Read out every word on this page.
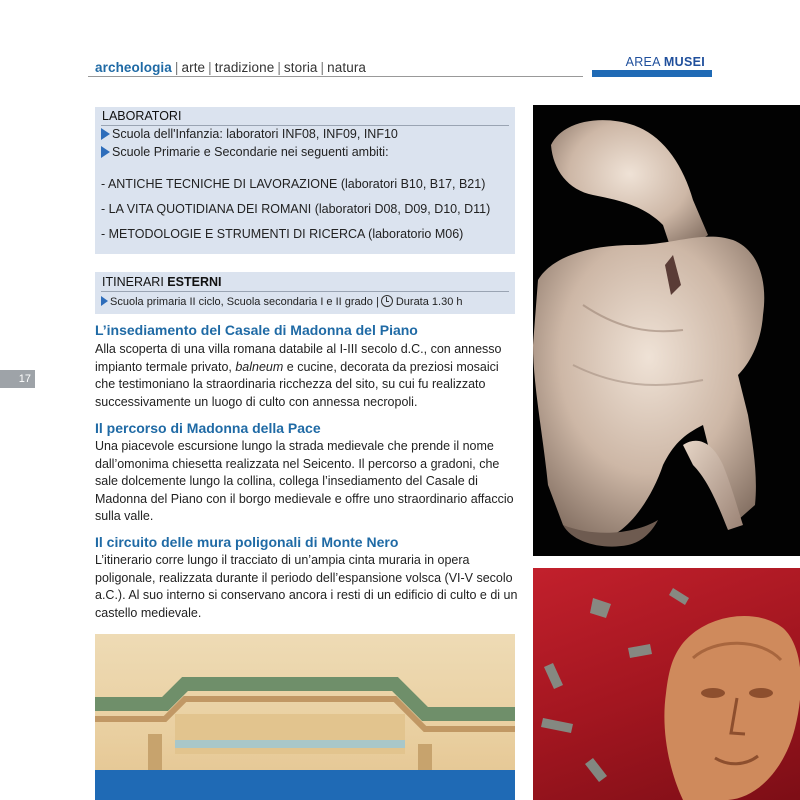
archeologia | arte | tradizione | storia | natura	AREA MUSEI
17
LABORATORI
Scuola dell'Infanzia: laboratori INF08, INF09, INF10
Scuole Primarie e Secondarie nei seguenti ambiti:
- ANTICHE TECNICHE DI LAVORAZIONE (laboratori B10, B17, B21)
- LA VITA QUOTIDIANA DEI ROMANI (laboratori D08, D09, D10, D11)
- METODOLOGIE E STRUMENTI DI RICERCA (laboratorio M06)
ITINERARI ESTERNI
Scuola primaria II ciclo, Scuola secondaria I e II grado | Durata 1.30 h
L’insediamento del Casale di Madonna del Piano
Alla scoperta di una villa romana databile al I-III secolo d.C., con annesso impianto termale privato, balneum e cucine, decorata da preziosi mosaici che testimoniano la straordinaria ricchezza del sito, su cui fu realizzato successivamente un luogo di culto con annessa necropoli.
Il percorso di Madonna della Pace
Una piacevole escursione lungo la strada medievale che prende il nome dall’omonima chiesetta realizzata nel Seicento. Il percorso a gradoni, che sale dolcemente lungo la collina, collega l’insediamento del Casale di Madonna del Piano con il borgo medievale e offre uno straordinario affaccio sulla valle.
Il circuito delle mura poligonali di Monte Nero
L’itinerario corre lungo il tracciato di un’ampia cinta muraria in opera poligonale, realizzata durante il periodo dell’espansione volsca (VI-V secolo a.C.). Al suo interno si conservano ancora i resti di un edificio di culto e di un castello medievale.
